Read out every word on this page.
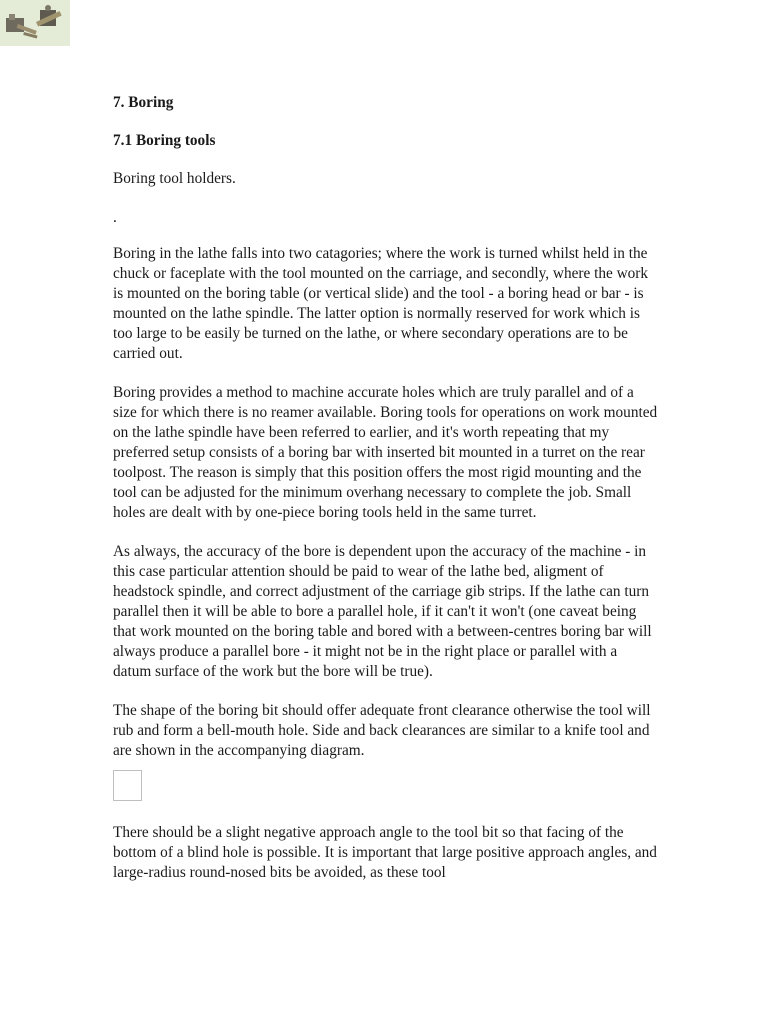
7. Boring
7.1 Boring tools

Boring tool holders.

.

Boring in the lathe falls into two catagories; where the work is turned whilst held in the chuck or faceplate with the tool mounted on the carriage, and secondly, where the work is mounted on the boring table (or vertical slide) and the tool - a boring head or bar - is mounted on the lathe spindle. The latter option is normally reserved for work which is too large to be easily be turned on the lathe, or where secondary operations are to be carried out.

Boring provides a method to machine accurate holes which are truly parallel and of a size for which there is no reamer available. Boring tools for operations on work mounted on the lathe spindle have been referred to earlier, and it's worth repeating that my preferred setup consists of a boring bar with inserted bit mounted in a turret on the rear toolpost. The reason is simply that this position offers the most rigid mounting and the tool can be adjusted for the minimum overhang necessary to complete the job. Small holes are dealt with by one-piece boring tools held in the same turret.

As always, the accuracy of the bore is dependent upon the accuracy of the machine - in this case particular attention should be paid to wear of the lathe bed, aligment of headstock spindle, and correct adjustment of the carriage gib strips. If the lathe can turn parallel then it will be able to bore a parallel hole, if it can't it won't (one caveat being that work mounted on the boring table and bored with a between-centres boring bar will always produce a parallel bore - it might not be in the right place or parallel with a datum surface of the work but the bore will be true).

The shape of the boring bit should offer adequate front clearance otherwise the tool will rub and form a bell-mouth hole. Side and back clearances are similar to a knife tool and are shown in the accompanying diagram.

There should be a slight negative approach angle to the tool bit so that facing of the bottom of a blind hole is possible. It is important that large positive approach angles, and large-radius round-nosed bits be avoided, as these tool
